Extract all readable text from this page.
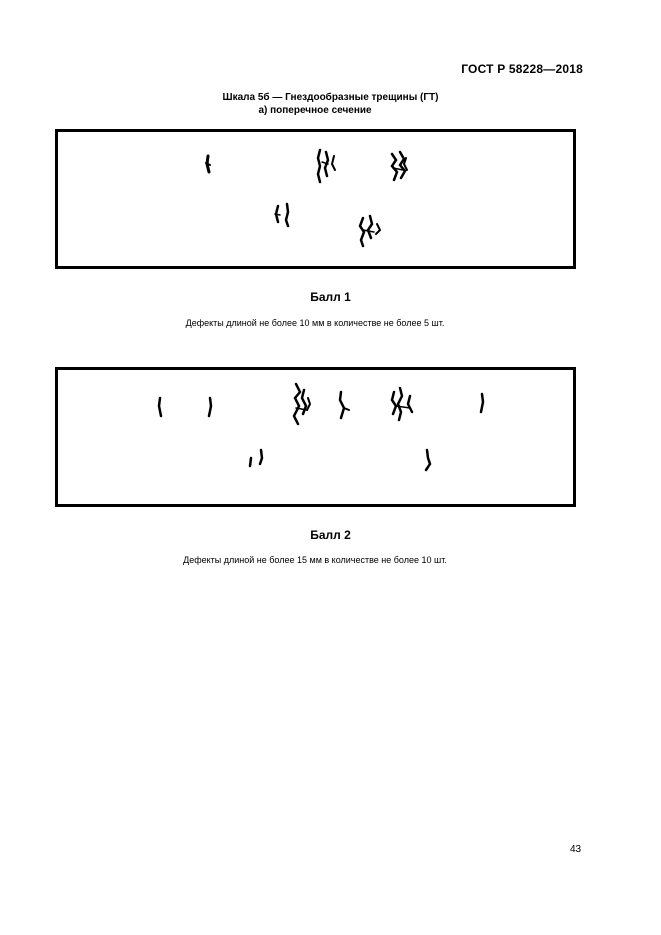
ГОСТ Р 58228—2018
Шкала 5б — Гнездообразные трещины (ГТ)
а) поперечное сечение
Балл 1
Дефекты длиной не более 10 мм в количестве не более 5 шт.
Балл 2
Дефекты длиной не более 15 мм в количестве не более 10 шт.
43
